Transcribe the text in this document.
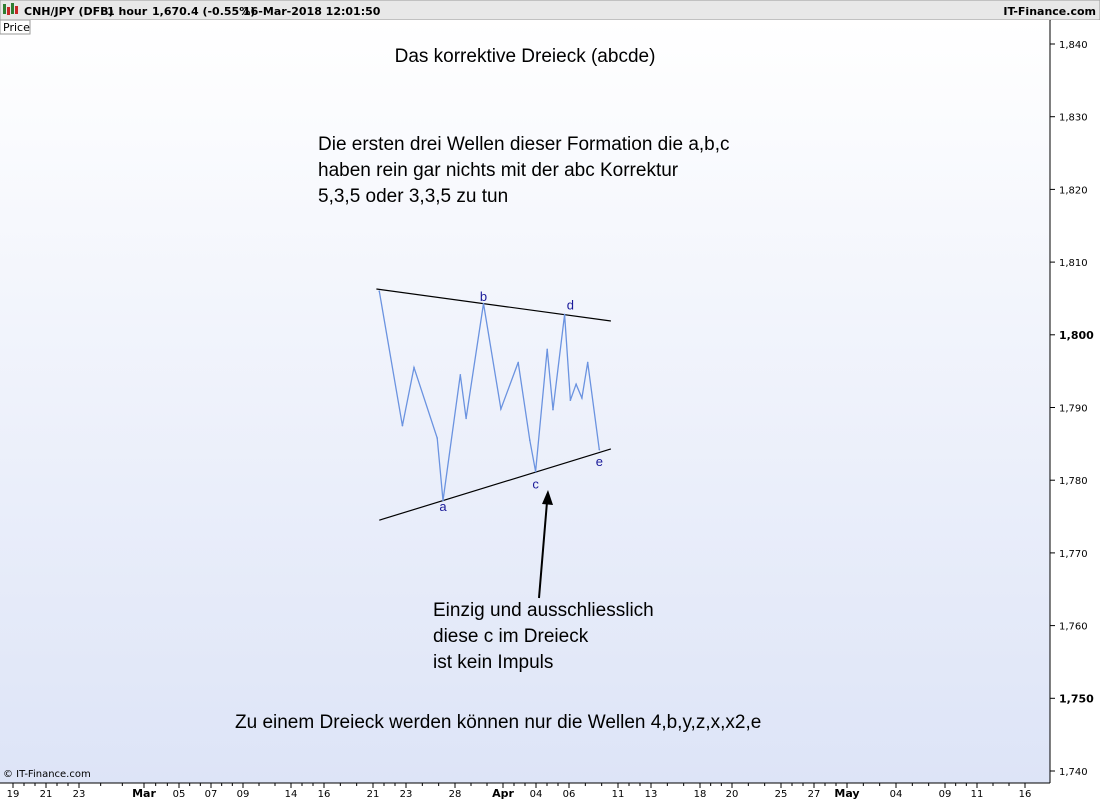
CNH/JPY (DFB)
1 hour 1,670.4 (-0.55%)
16-Mar-2018 12:01:50	IT-Finance.com
Price
1,840
1,830
1,820
1,810
1,800
1,790
1,780
1,770
1,760
1,750
1,740
19 21 23	Mar 05 07 09	14 16	21 23	28	Apr 04 06	11 13	18 20	25 27 May	04	09 11	16
a
b
c
d
e
Das korrektive Dreieck (abcde)
Die ersten drei Wellen dieser Formation die a,b,c
haben rein gar nichts mit der abc Korrektur
5,3,5 oder 3,3,5 zu tun
Einzig und ausschliesslich
diese c im Dreieck
ist kein Impuls
Zu einem Dreieck werden können nur die Wellen 4,b,y,z,x,x2,e
© IT-Finance.com
